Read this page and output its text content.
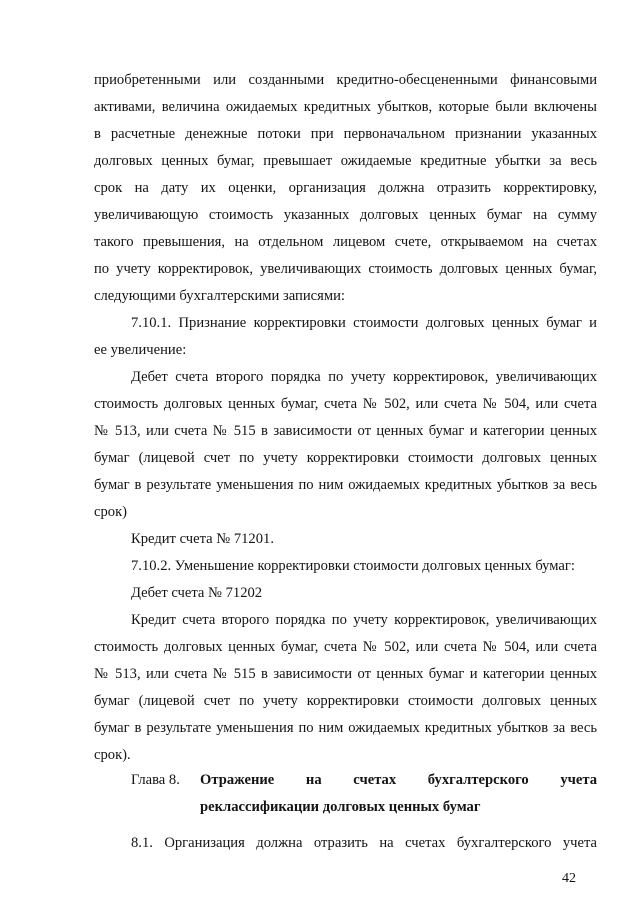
приобретенными или созданными кредитно-обесцененными финансовыми
активами, величина ожидаемых кредитных убытков, которые были включены
в расчетные денежные потоки при первоначальном признании указанных
долговых ценных бумаг, превышает ожидаемые кредитные убытки за весь
срок на дату их оценки, организация должна отразить корректировку,
увеличивающую стоимость указанных долговых ценных бумаг на сумму
такого превышения, на отдельном лицевом счете, открываемом на счетах
по учету корректировок, увеличивающих стоимость долговых ценных бумаг,
следующими бухгалтерскими записями:
7.10.1. Признание корректировки стоимости долговых ценных бумаг и
ее увеличение:
Дебет счета второго порядка по учету корректировок, увеличивающих
стоимость долговых ценных бумаг, счета № 502, или счета № 504, или счета
№ 513, или счета № 515 в зависимости от ценных бумаг и категории ценных
бумаг (лицевой счет по учету корректировки стоимости долговых ценных
бумаг в результате уменьшения по ним ожидаемых кредитных убытков за весь
срок)
Кредит счета № 71201.
7.10.2. Уменьшение корректировки стоимости долговых ценных бумаг:
Дебет счета № 71202
Кредит счета второго порядка по учету корректировок, увеличивающих
стоимость долговых ценных бумаг, счета № 502, или счета № 504, или счета
№ 513, или счета № 515 в зависимости от ценных бумаг и категории ценных
бумаг (лицевой счет по учету корректировки стоимости долговых ценных
бумаг в результате уменьшения по ним ожидаемых кредитных убытков за весь
срок).
Глава 8. Отражение на счетах бухгалтерского учета
реклассификации долговых ценных бумаг
8.1. Организация должна отразить на счетах бухгалтерского учета
42
